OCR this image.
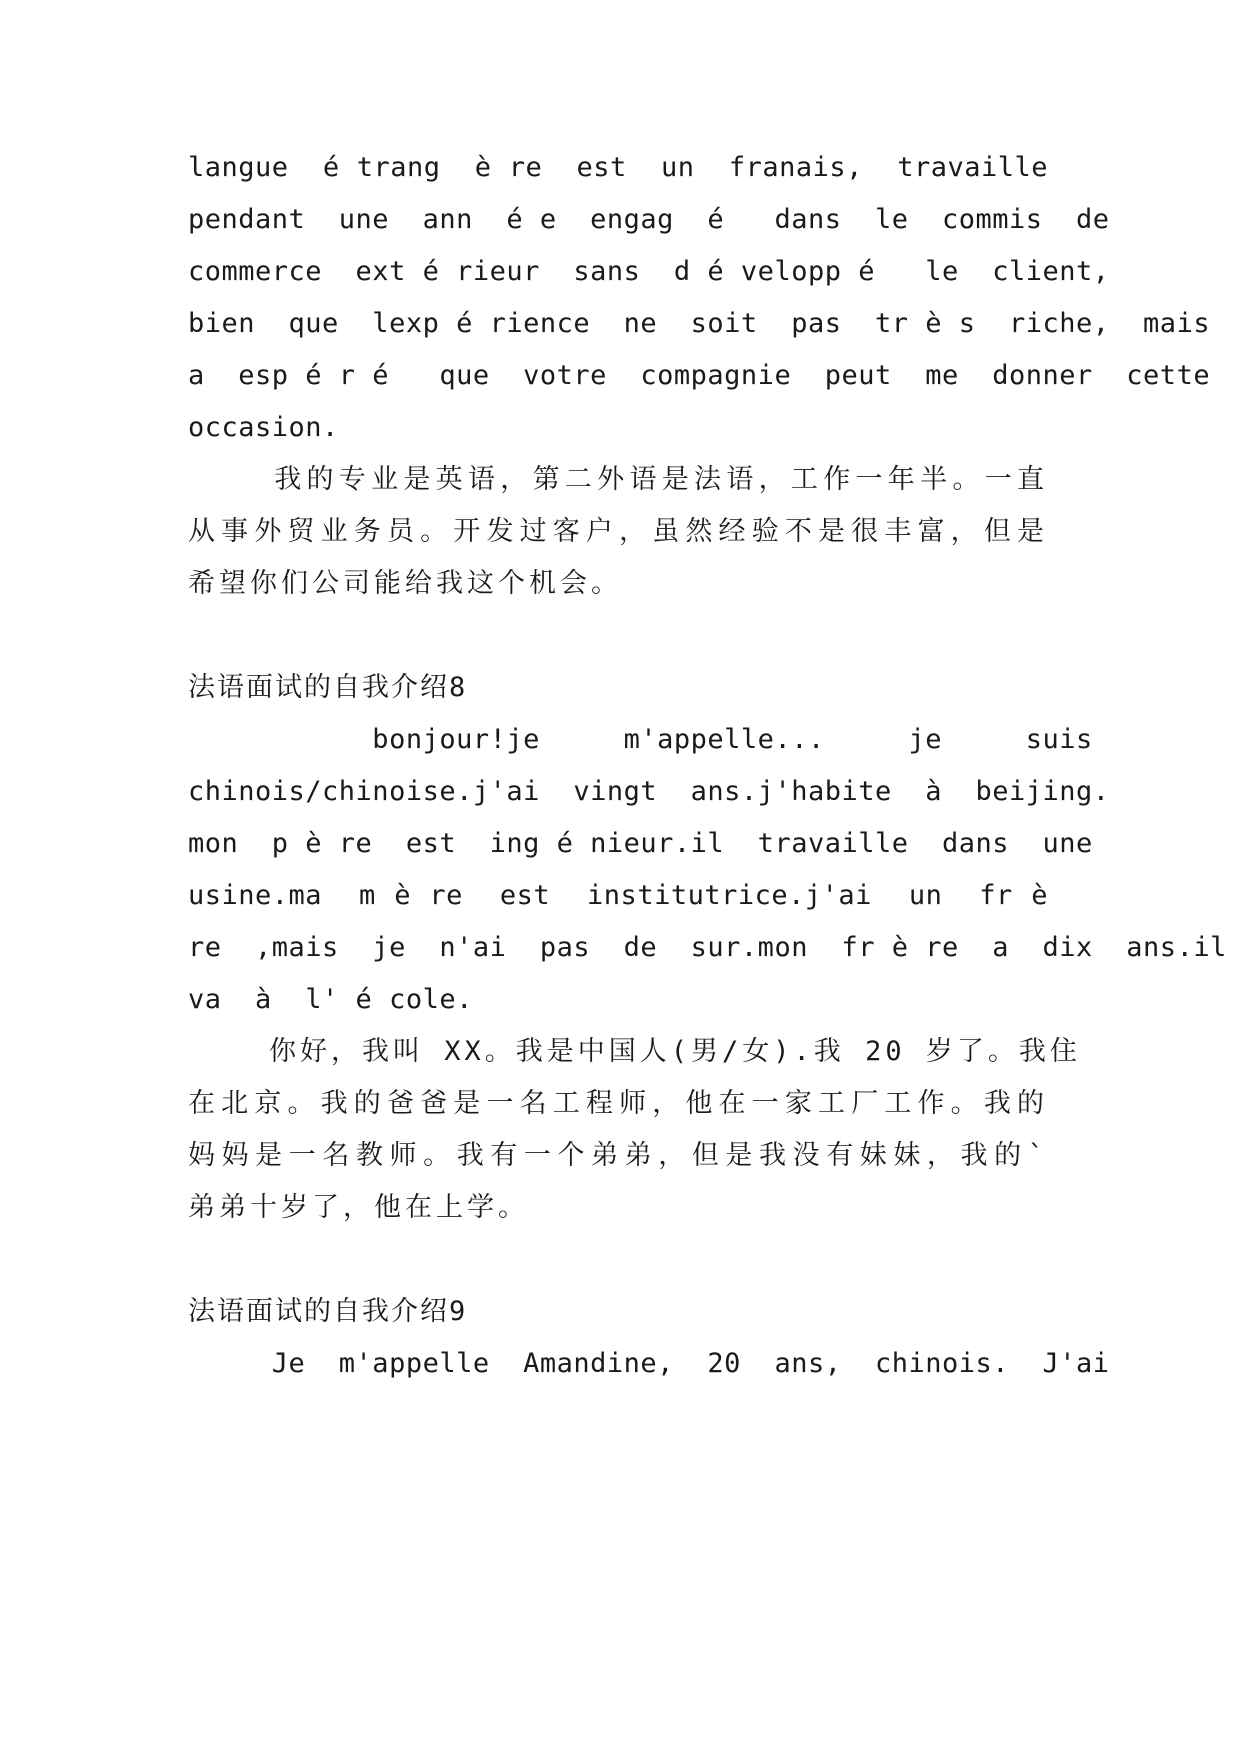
langue  é trang  è re  est  un  franais,  travaille
pendant  une  ann  é e  engag  é   dans  le  commis  de
commerce  ext é rieur  sans  d é velopp é   le  client,
bien  que  lexp é rience  ne  soit  pas  tr è s  riche,  mais
a  esp é r é   que  votre  compagnie  peut  me  donner  cette
occasion.
我的专业是英语，第二外语是法语，工作一年半。一直
从事外贸业务员。开发过客户，虽然经验不是很丰富，但是
希望你们公司能给我这个机会。
法语面试的自我介绍8
bonjour!je     m'appelle...     je     suis
chinois/chinoise.j'ai  vingt  ans.j'habite  à  beijing.
mon  p è re  est  ing é nieur.il  travaille  dans  une
usine.ma  m è re  est  institutrice.j'ai  un  fr è
re  ,mais  je  n'ai  pas  de  sur.mon  fr è re  a  dix  ans.il
va  à  l' é cole.
你好，我叫 XX。我是中国人(男/女).我 20 岁了。我住
在北京。我的爸爸是一名工程师，他在一家工厂工作。我的
妈妈是一名教师。我有一个弟弟，但是我没有妹妹，我的`
弟弟十岁了，他在上学。
法语面试的自我介绍9
Je  m'appelle  Amandine,  20  ans,  chinois.  J'ai
